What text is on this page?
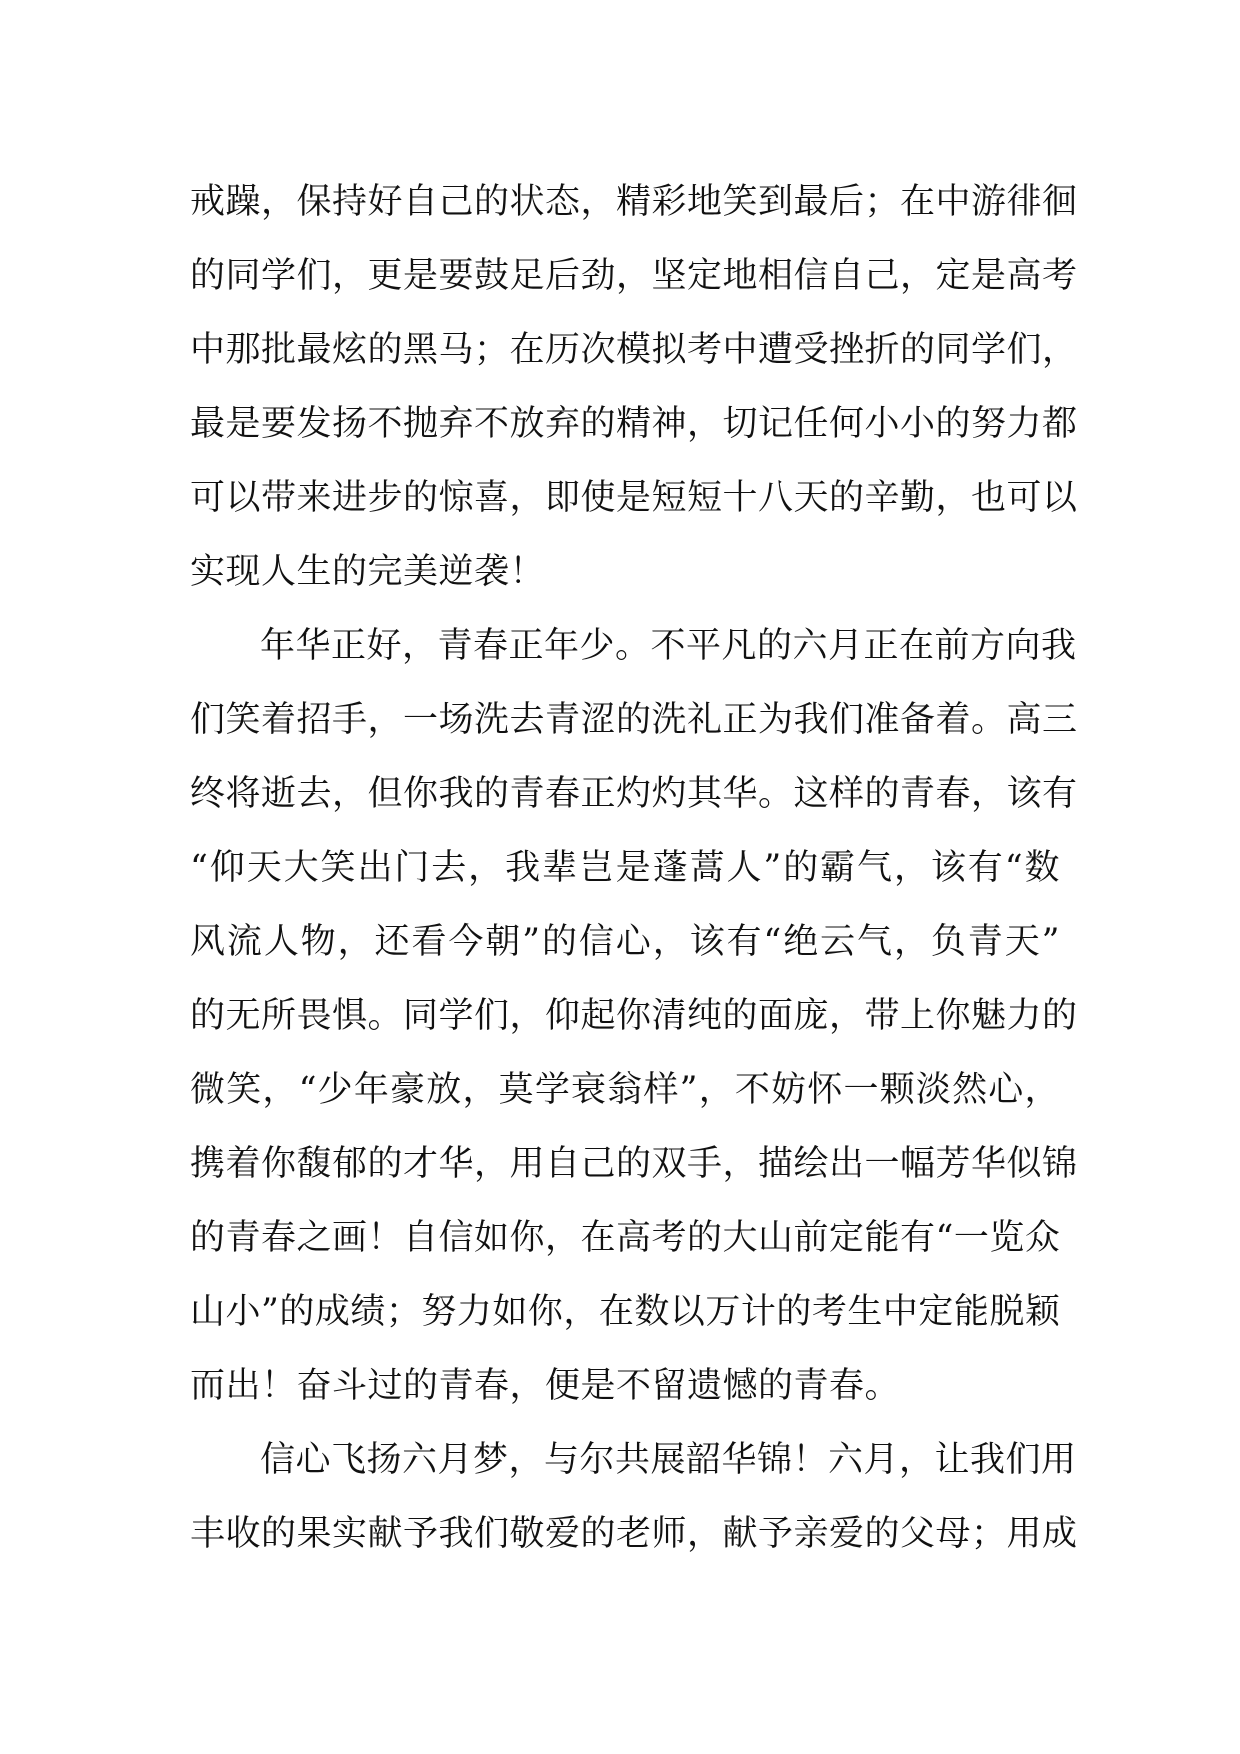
戒躁，保持好自己的状态，精彩地笑到最后；在中游徘徊
的同学们，更是要鼓足后劲，坚定地相信自己，定是高考
中那批最炫的黑马；在历次模拟考中遭受挫折的同学们，
最是要发扬不抛弃不放弃的精神，切记任何小小的努力都
可以带来进步的惊喜，即使是短短十八天的辛勤，也可以
实现人生的完美逆袭！
年华正好，青春正年少。不平凡的六月正在前方向我
们笑着招手，一场洗去青涩的洗礼正为我们准备着。高三
终将逝去，但你我的青春正灼灼其华。这样的青春，该有
“仰天大笑出门去，我辈岂是蓬蒿人”的霸气，该有“数
风流人物，还看今朝”的信心，该有“绝云气，负青天”
的无所畏惧。同学们，仰起你清纯的面庞，带上你魅力的
微笑，“少年豪放，莫学衰翁样”，不妨怀一颗淡然心，
携着你馥郁的才华，用自己的双手，描绘出一幅芳华似锦
的青春之画！自信如你，在高考的大山前定能有“一览众
山小”的成绩；努力如你，在数以万计的考生中定能脱颖
而出！奋斗过的青春，便是不留遗憾的青春。
信心飞扬六月梦，与尔共展韶华锦！六月，让我们用
丰收的果实献予我们敬爱的老师，献予亲爱的父母；用成
